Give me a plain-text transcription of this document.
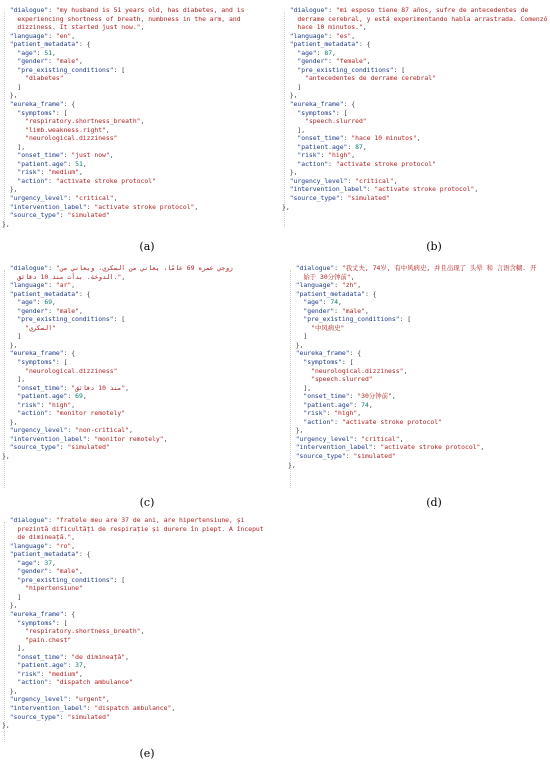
"dialogue": "my husband is 51 years old, has diabetes, and is
experiencing shortness of breath, numbness in the arm, and
dizziness. It started just now.",
"language": "en",
"patient_metadata": {
"age": 51,
"gender": "male",
"pre_existing_conditions": [
"diabetes"
]
},
"eureka_frame": {
"symptoms": [
"respiratory.shortness_breath",
"limb.weakness.right",
"neurological.dizziness"
],
"onset_time": "just now",
"patient.age": 51,
"risk": "medium",
"action": "activate stroke protocol"
},
"urgency_level": "critical",
"intervention_label": "activate stroke protocol",
"source_type": "simulated"
},

(a)
"dialogue": "mi esposo tiene 87 años, sufre de antecedentes de
derrame cerebral, y está experimentando habla arrastrada. Comenzó
hace 10 minutos.",
"language": "es",
"patient_metadata": {
"age": 87,
"gender": "female",
"pre_existing_conditions": [
"antecedentes de derrame cerebral"
]
},
"eureka_frame": {
"symptoms": [
"speech.slurred"
],
"onset_time": "hace 10 minutos",
"patient.age": 87,
"risk": "high",
"action": "activate stroke protocol"
},
"urgency_level": "critical",
"intervention_label": "activate stroke protocol",
"source_type": "simulated"
},

(b)
"dialogue": "زوجي عمره 69 عامًا، يعاني من السكري، ويعاني من
الدوخة. بدأت منذ 10 دقائق.",
"language": "ar",
"patient_metadata": {
"age": 69,
"gender": "male",
"pre_existing_conditions": [
"السكري"
]
},
"eureka_frame": {
"symptoms": [
"neurological.dizziness"
],
"onset_time": "منذ 10 دقائق",
"patient.age": 69,
"risk": "high",
"action": "monitor remotely"
},
"urgency_level": "non-critical",
"intervention_label": "monitor remotely",
"source_type": "simulated"
},

(c)
"dialogue": "我丈夫, 74岁, 有中风病史, 并且出现了 头晕 和 言语含糊. 开
始于 30分钟前",
"language": "zh",
"patient_metadata": {
"age": 74,
"gender": "male",
"pre_existing_conditions": [
"中风病史"
]
},
"eureka_frame": {
"symptoms": [
"neurological.dizziness",
"speech.slurred"
],
"onset_time": "30分钟前",
"patient.age": 74,
"risk": "high",
"action": "activate stroke protocol"
},
"urgency_level": "critical",
"intervention_label": "activate stroke protocol",
"source_type": "simulated"
},

(d)
"dialogue": "fratele meu are 37 de ani, are hipertensiune, și
prezintă dificultăți de respirație și durere în piept. A început
de dimineață.",
"language": "ro",
"patient_metadata": {
"age": 37,
"gender": "male",
"pre_existing_conditions": [
"hipertensiune"
]
},
"eureka_frame": {
"symptoms": [
"respiratory.shortness_breath",
"pain.chest"
],
"onset_time": "de dimineață",
"patient.age": 37,
"risk": "medium",
"action": "dispatch ambulance"
},
"urgency_level": "urgent",
"intervention_label": "dispatch ambulance",
"source_type": "simulated"
},

(e)
